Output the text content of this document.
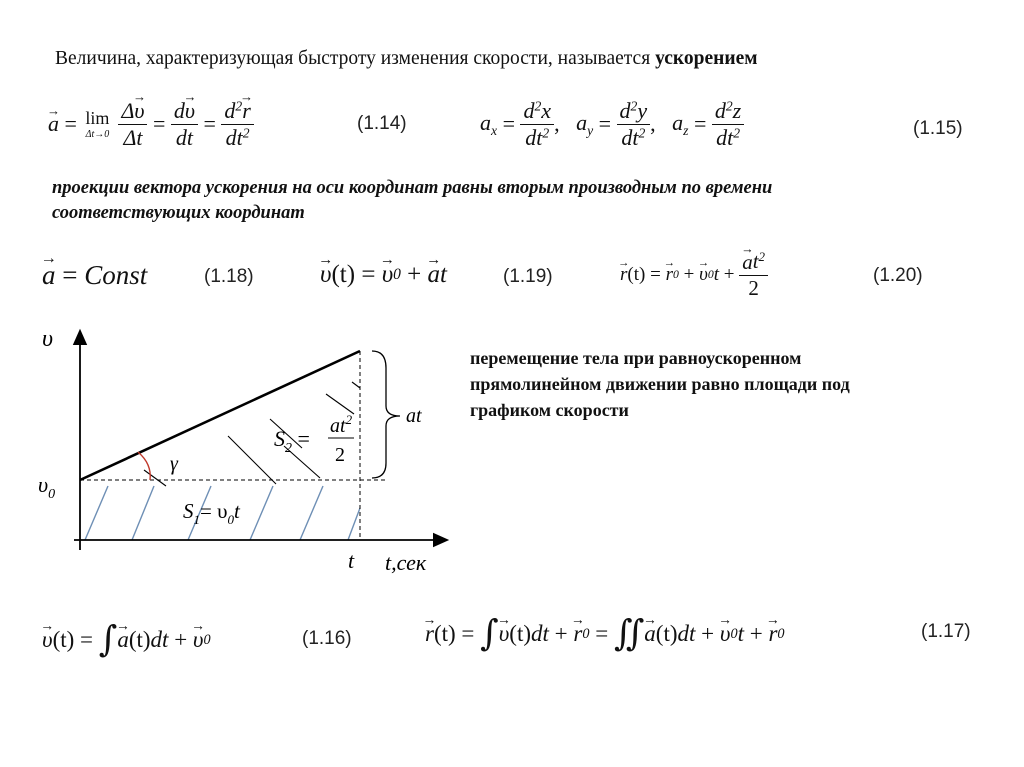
Величина, характеризующая быстроту изменения скорости, называется ускорением
→ a = lim
$\Delta t\to 0 \frac{\Delta\to \upsilon}{\Delta t} = \frac{d\to \upsilon}{dt} = \frac{d^2\to r}{dt^2}$	(1.14)	$a_x = \frac{d^2x}{dt^2}$ , $a_y = \frac{d^2y}{dt^2}$ , $a_z = \frac{d^2z}{dt^2}$	(1.15)
проекции вектора ускорения на оси координат равны вторым производным по времени
соответствующих координат
→ a = Const	(1.18)	→ υ (t) = → υ 0 + → a t	(1.19)	→ r (t) = → r 0 + → υ 0 t + → $\frac{at^2}{2}$	(1.20)
υ
$\upsilon_0$
γ
at
t t,сек
$S_2 = at^2$
2
$S_1= \upsilon_0t$
перемещение тела при равноускоренном
прямолинейном движении равно площади под
графиком скорости
→ υ (t) = ∫ → a (t) dt + → υ 0	(1.16)	→ r (t) = ∫ → υ (t) dt + → r 0 = ∬ → a (t) dt + → υ 0 t + → r 0	(1.17)
